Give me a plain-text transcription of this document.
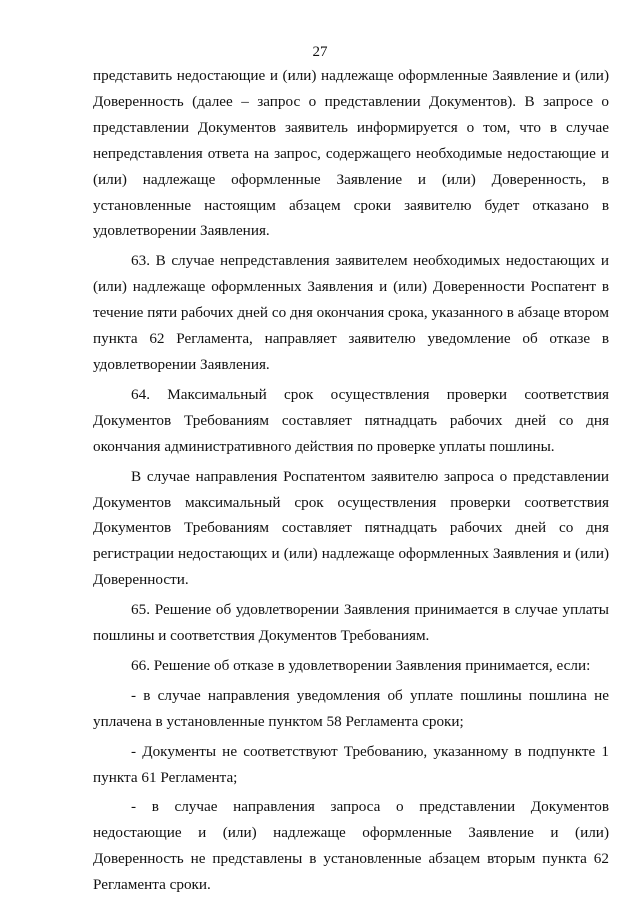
27

представить недостающие и (или) надлежаще оформленные Заявление и (или) Доверенность (далее – запрос о представлении Документов). В запросе о представлении Документов заявитель информируется о том, что в случае непредставления ответа на запрос, содержащего необходимые недостающие и (или) надлежаще оформленные Заявление и (или) Доверенность, в установленные настоящим абзацем сроки заявителю будет отказано в удовлетворении Заявления.

63. В случае непредставления заявителем необходимых недостающих и (или) надлежаще оформленных Заявления и (или) Доверенности Роспатент в течение пяти рабочих дней со дня окончания срока, указанного в абзаце втором пункта 62 Регламента, направляет заявителю уведомление об отказе в удовлетворении Заявления.

64. Максимальный срок осуществления проверки соответствия Документов Требованиям составляет пятнадцать рабочих дней со дня окончания административного действия по проверке уплаты пошлины.

В случае направления Роспатентом заявителю запроса о представлении Документов максимальный срок осуществления проверки соответствия Документов Требованиям составляет пятнадцать рабочих дней со дня регистрации недостающих и (или) надлежаще оформленных Заявления и (или) Доверенности.

65. Решение об удовлетворении Заявления принимается в случае уплаты пошлины и соответствия Документов Требованиям.

66. Решение об отказе в удовлетворении Заявления принимается, если:

- в случае направления уведомления об уплате пошлины пошлина не уплачена в установленные пунктом 58 Регламента сроки;

- Документы не соответствуют Требованию, указанному в подпункте 1 пункта 61 Регламента;

- в случае направления запроса о представлении Документов недостающие и (или) надлежаще оформленные Заявление и (или) Доверенность не представлены в установленные абзацем вторым пункта 62 Регламента сроки.
